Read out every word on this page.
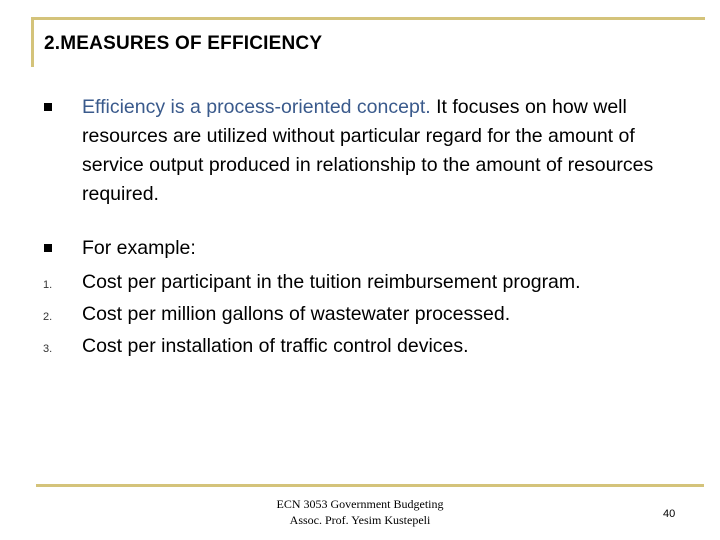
2.MEASURES OF EFFICIENCY
Efficiency is a process-oriented concept. It focuses on how well resources are utilized without particular regard for the amount of service output produced in relationship to the amount of resources required.
For example:
1. Cost per participant in the tuition reimbursement program.
2. Cost per million gallons of wastewater processed.
3. Cost per installation of traffic control devices.
ECN 3053 Government Budgeting
Assoc. Prof. Yesim Kustepeli	40
